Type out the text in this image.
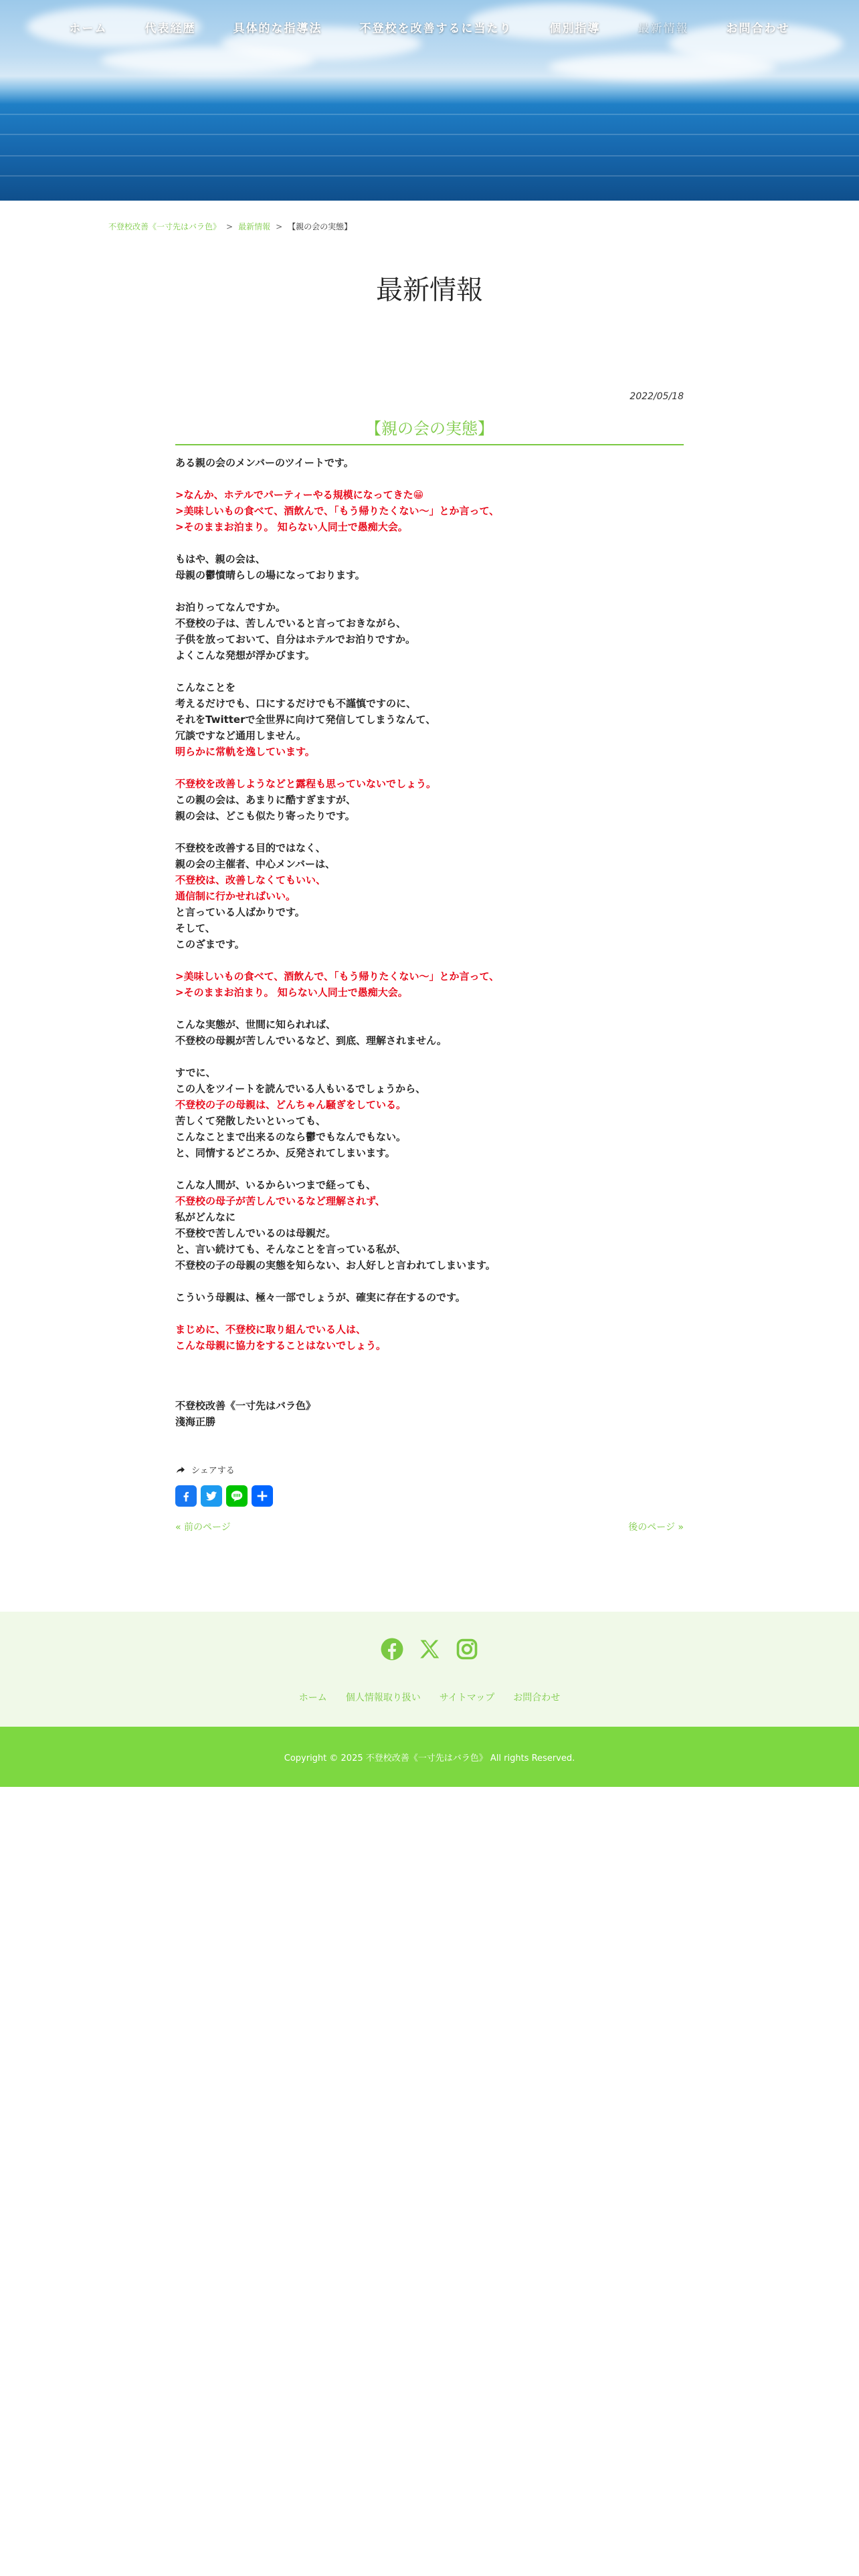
ホーム	代表経歴	具体的な指導法	不登校を改善するに当たり	個別指導	最新情報	お問合わせ
不登校改善《一寸先はバラ色》 > 最新情報 > 【親の会の実態】
最新情報
2022/05/18
【親の会の実態】

ある親の会のメンバーのツイートです。

>なんか、ホテルでパーティーやる規模になってきた😁
>美味しいもの食べて、酒飲んで、「もう帰りたくない〜」とか言って、
>そのままお泊まり。 知らない人同士で愚痴大会。

もはや、親の会は、
母親の鬱憤晴らしの場になっております。

お泊りってなんですか。
不登校の子は、苦しんでいると言っておきながら、
子供を放っておいて、自分はホテルでお泊りですか。
よくこんな発想が浮かびます。

こんなことを
考えるだけでも、口にするだけでも不謹慎ですのに、
それをTwitterで全世界に向けて発信してしまうなんて、
冗談ですなど通用しません。
明らかに常軌を逸しています。

不登校を改善しようなどと露程も思っていないでしょう。
この親の会は、あまりに酷すぎますが、
親の会は、どこも似たり寄ったりです。

不登校を改善する目的ではなく、
親の会の主催者、中心メンバーは、
不登校は、改善しなくてもいい、
通信制に行かせればいい。
と言っている人ばかりです。
そして、
このざまです。

>美味しいもの食べて、酒飲んで、「もう帰りたくない〜」とか言って、
>そのままお泊まり。 知らない人同士で愚痴大会。

こんな実態が、世間に知られれば、
不登校の母親が苦しんでいるなど、到底、理解されません。

すでに、
この人をツイートを読んでいる人もいるでしょうから、
不登校の子の母親は、どんちゃん騒ぎをしている。
苦しくて発散したいといっても、
こんなことまで出来るのなら鬱でもなんでもない。
と、同情するどころか、反発されてしまいます。

こんな人間が、いるからいつまで経っても、
不登校の母子が苦しんでいるなど理解されず、
私がどんなに
不登校で苦しんでいるのは母親だ。
と、言い続けても、そんなことを言っている私が、
不登校の子の母親の実態を知らない、お人好しと言われてしまいます。

こういう母親は、極々一部でしょうが、確実に存在するのです。

まじめに、不登校に取り組んでいる人は、
こんな母親に協力をすることはないでしょう。

不登校改善《一寸先はバラ色》
淺海正勝
シェアする
« 前のページ	後のページ »
ホーム 個人情報取り扱い サイトマップ お問合わせ
Copyright © 2025 不登校改善《一寸先はバラ色》 All rights Reserved.
